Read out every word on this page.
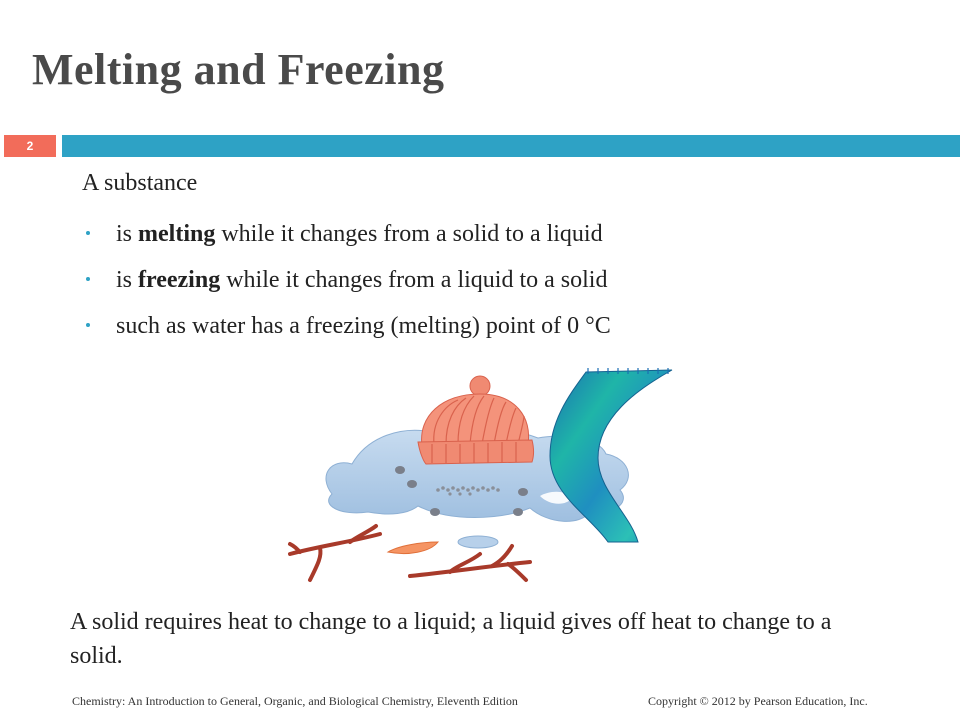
Melting and Freezing
2
A substance
is melting while it changes from a solid to a liquid
is freezing while it changes from a liquid to a solid
such as water has a freezing (melting) point of 0 °C
A solid requires heat to change to a liquid; a liquid gives off heat to change to a solid.
Chemistry: An Introduction to General, Organic, and Biological Chemistry, Eleventh Edition	Copyright © 2012 by Pearson Education, Inc.
